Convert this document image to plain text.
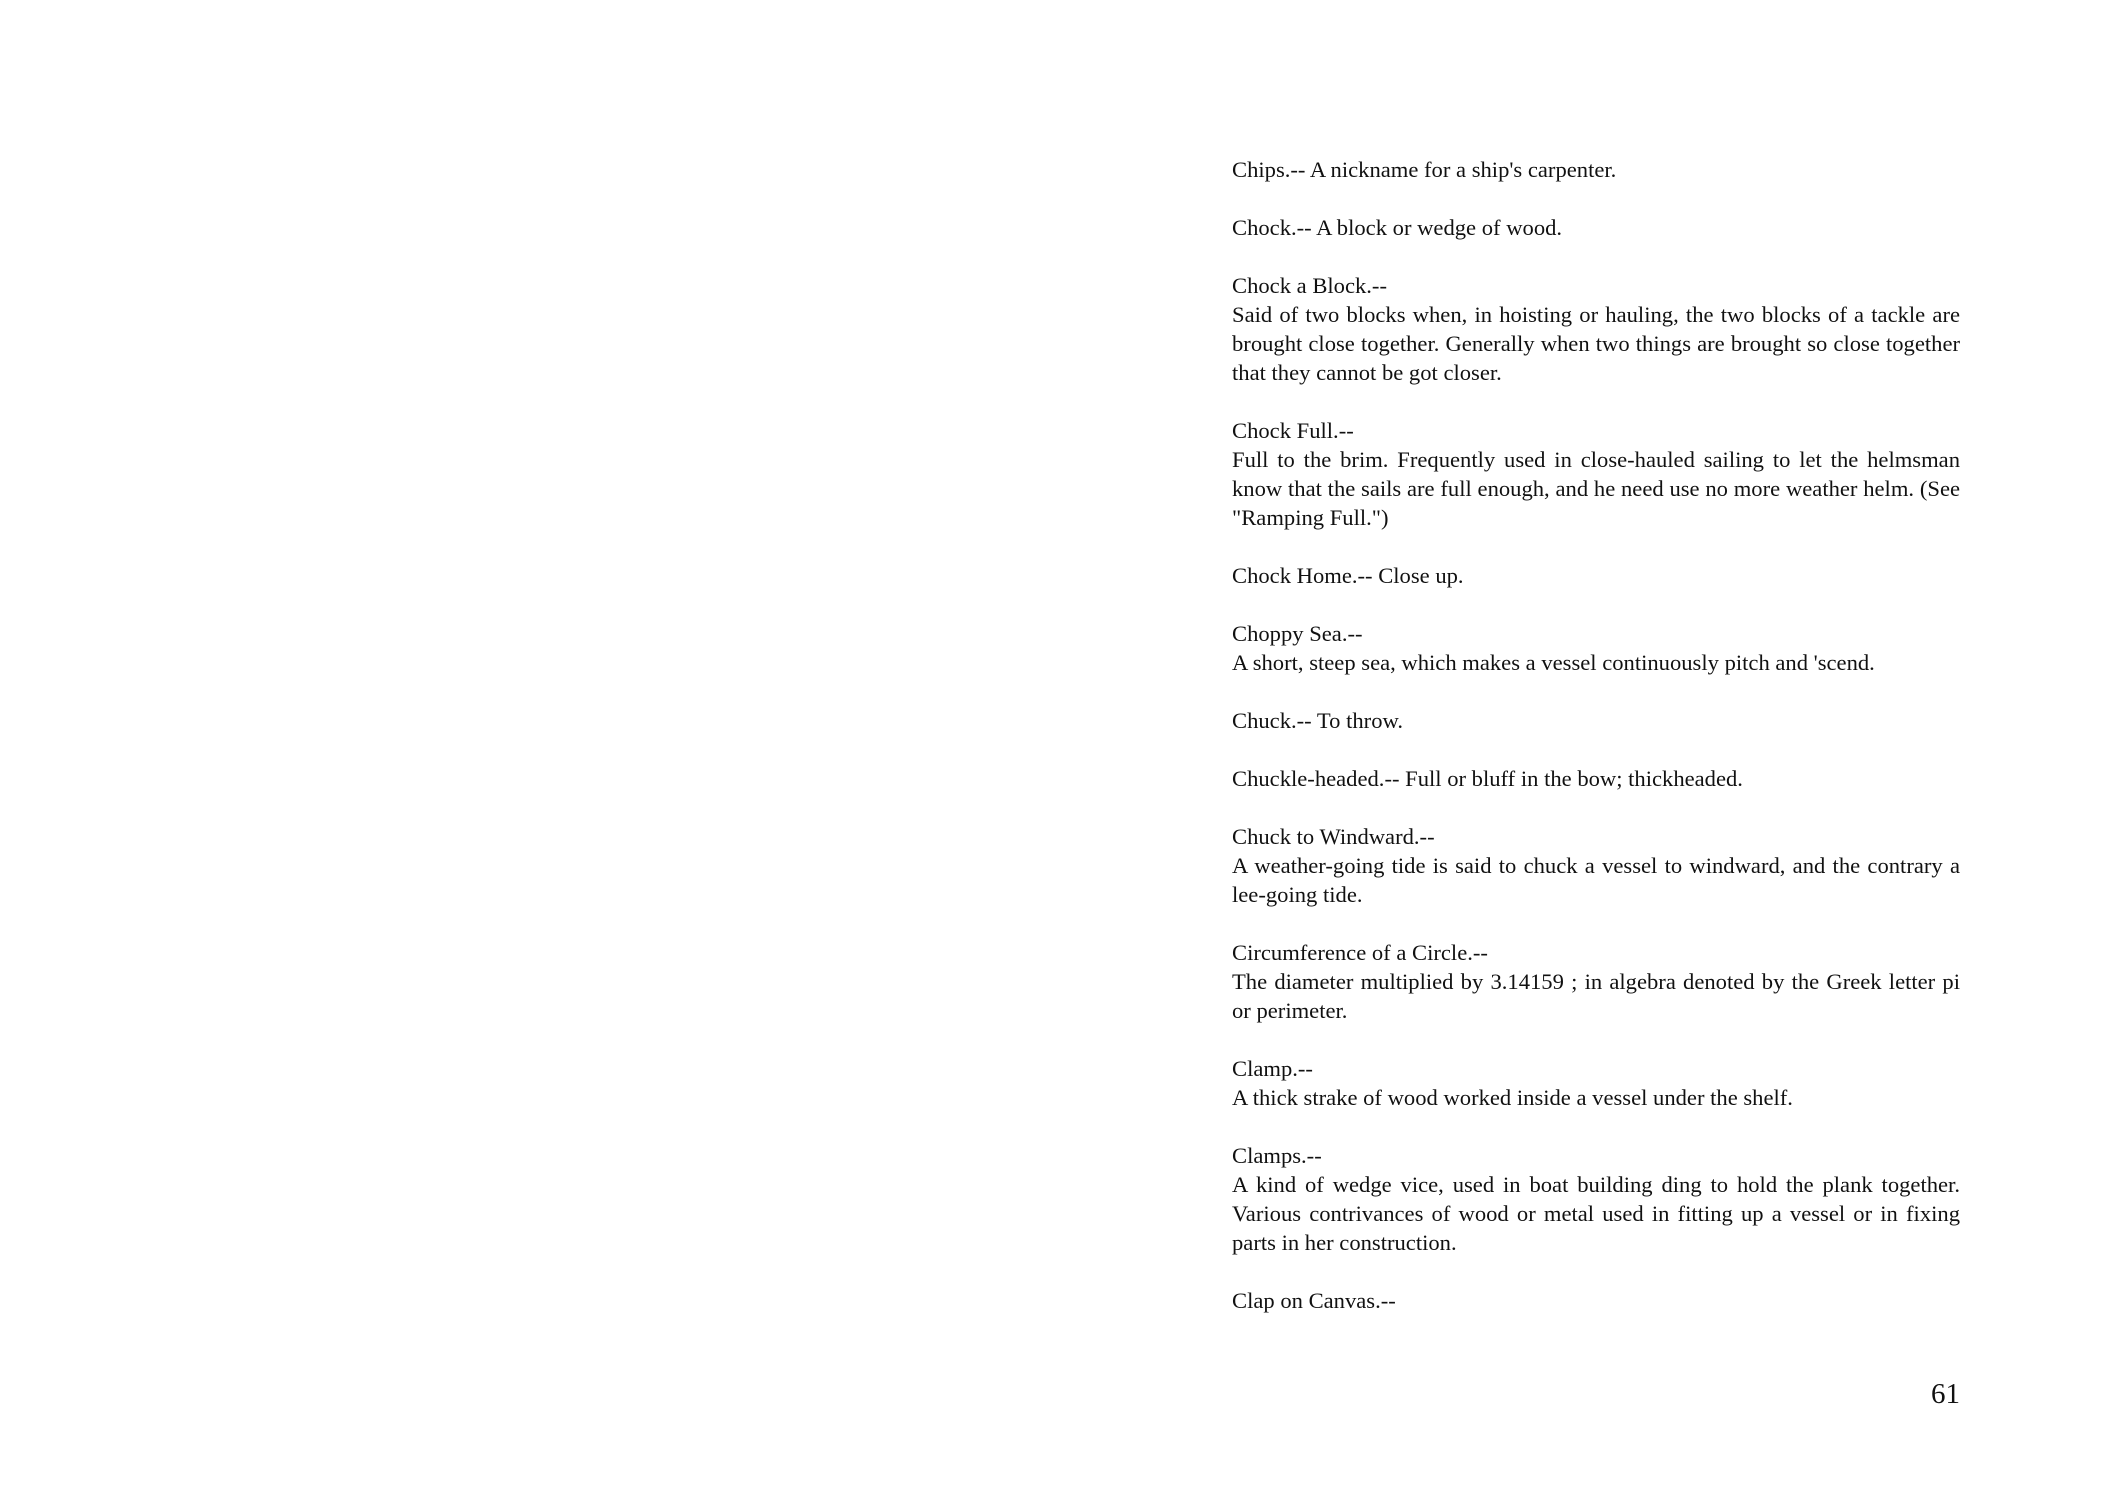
Chips.-- A nickname for a ship's carpenter.

Chock.-- A block or wedge of wood.

Chock a Block.--

Said of two blocks when, in hoisting or hauling, the two blocks of a tackle are brought close together. Generally when two things are brought so close together that they cannot be got closer.

Chock Full.--

Full to the brim. Frequently used in close-hauled sailing to let the helmsman know that the sails are full enough, and he need use no more weather helm. (See "Ramping Full.")

Chock Home.-- Close up.

Choppy Sea.--

A short, steep sea, which makes a vessel continuously pitch and 'scend.

Chuck.-- To throw.

Chuckle-headed.-- Full or bluff in the bow; thickheaded.

Chuck to Windward.--

A weather-going tide is said to chuck a vessel to windward, and the contrary a lee-going tide.

Circumference of a Circle.--

The diameter multiplied by 3.14159 ; in algebra denoted by the Greek letter pi or perimeter.

Clamp.--

A thick strake of wood worked inside a vessel under the shelf.

Clamps.--

A kind of wedge vice, used in boat building ding to hold the plank together. Various contrivances of wood or metal used in fitting up a vessel or in fixing parts in her construction.

Clap on Canvas.--

61
